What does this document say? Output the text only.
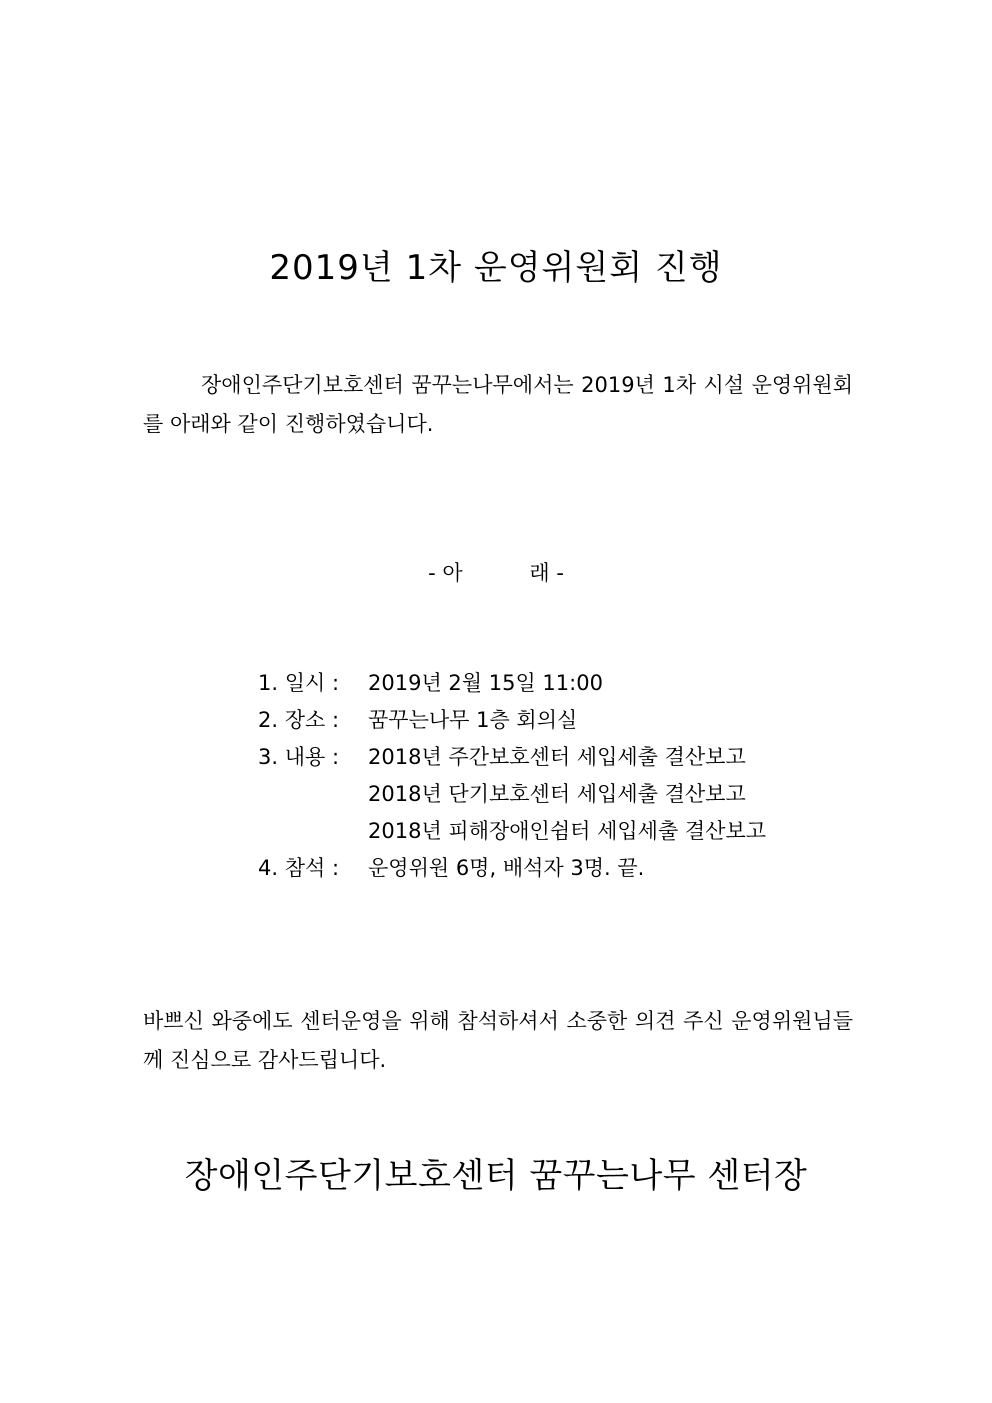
2019년 1차 운영위원회 진행
장애인주단기보호센터 꿈꾸는나무에서는 2019년 1차 시설 운영위원회를 아래와 같이 진행하였습니다.
- 아          래 -
1. 일시 :	2019년 2월 15일 11:00
2. 장소 :	꿈꾸는나무 1층 회의실
3. 내용 :	2018년 주간보호센터 세입세출 결산보고
2018년 단기보호센터 세입세출 결산보고
2018년 피해장애인쉼터 세입세출 결산보고
4. 참석 :	운영위원 6명, 배석자 3명. 끝.
바쁘신 와중에도 센터운영을 위해 참석하셔서 소중한 의견 주신 운영위원님들께 진심으로 감사드립니다.
장애인주단기보호센터 꿈꾸는나무 센터장
